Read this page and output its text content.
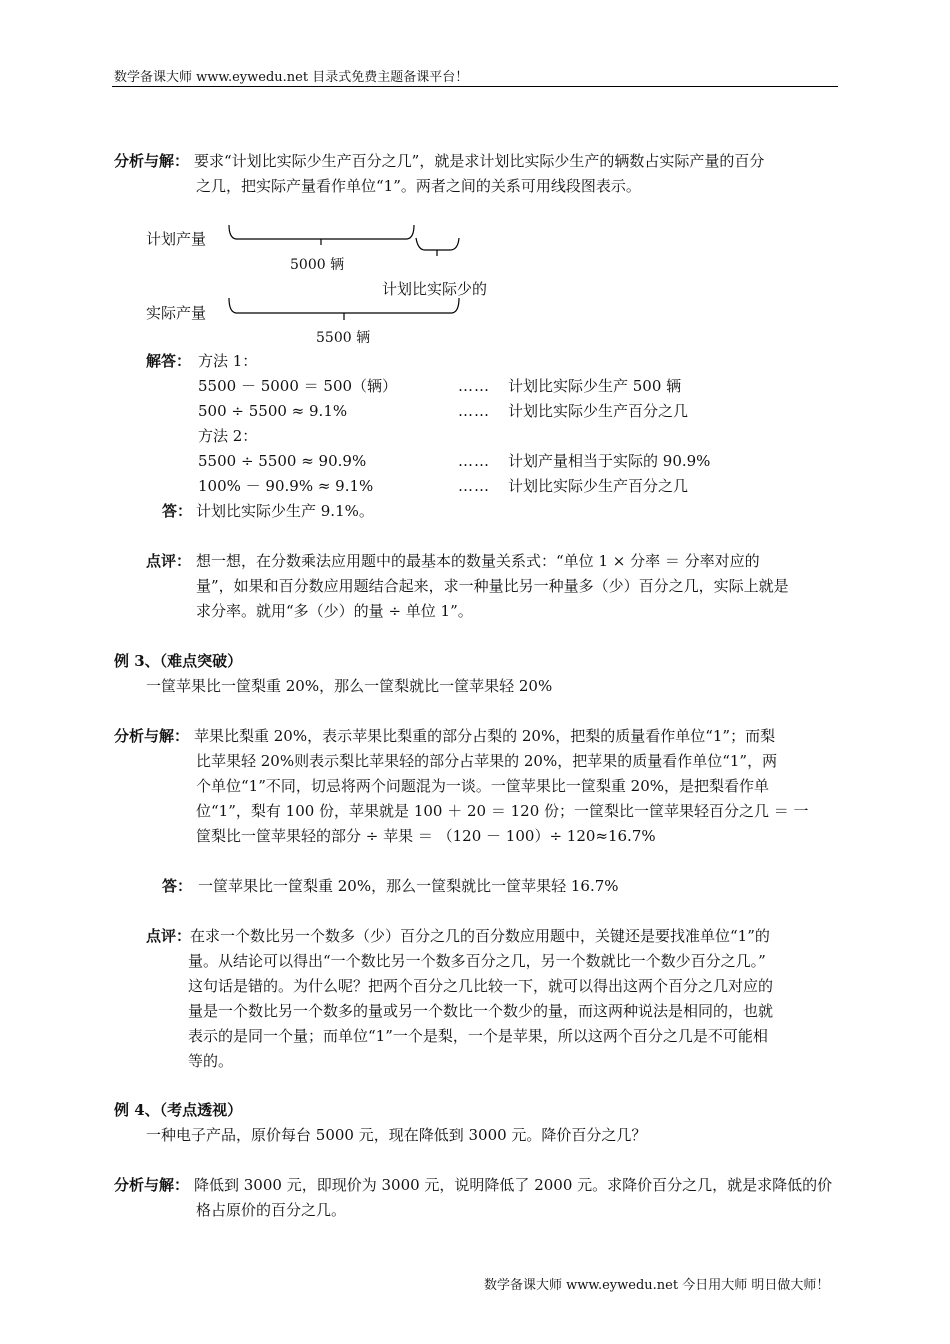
数学备课大师 www.eywedu.net 目录式免费主题备课平台！
分析与解： 要求“计划比实际少生产百分之几”，就是求计划比实际少生产的辆数占实际产量的百分
之几，把实际产量看作单位“1”。两者之间的关系可用线段图表示。
计划产量
5000 辆
计划比实际少的
实际产量
5500 辆
解答： 方法 1：
5500 － 5000 ＝ 500（辆）	…… 计划比实际少生产 500 辆
500 ÷ 5500 ≈ 9.1%	…… 计划比实际少生产百分之几
方法 2：
5500 ÷ 5500 ≈ 90.9%	…… 计划产量相当于实际的 90.9%
100% － 90.9% ≈ 9.1%	…… 计划比实际少生产百分之几
答： 计划比实际少生产 9.1%。
点评： 想一想，在分数乘法应用题中的最基本的数量关系式：“单位 1 × 分率 ＝ 分率对应的
量”，如果和百分数应用题结合起来，求一种量比另一种量多（少）百分之几，实际上就是
求分率。就用“多（少）的量 ÷ 单位 1”。
例 3、（难点突破）
一筐苹果比一筐梨重 20%，那么一筐梨就比一筐苹果轻 20%
分析与解： 苹果比梨重 20%，表示苹果比梨重的部分占梨的 20%，把梨的质量看作单位“1”；而梨
比苹果轻 20%则表示梨比苹果轻的部分占苹果的 20%，把苹果的质量看作单位“1”，两
个单位“1”不同，切忌将两个问题混为一谈。一筐苹果比一筐梨重 20%，是把梨看作单
位“1”，梨有 100 份，苹果就是 100 ＋ 20 ＝ 120 份；一筐梨比一筐苹果轻百分之几 ＝ 一
筐梨比一筐苹果轻的部分 ÷ 苹果 ＝ （120 － 100）÷ 120≈16.7%
答： 一筐苹果比一筐梨重 20%，那么一筐梨就比一筐苹果轻 16.7%
点评：
在求一个数比另一个数多（少）百分之几的百分数应用题中，关键还是要找准单位“1”的
量。从结论可以得出“一个数比另一个数多百分之几，另一个数就比一个数少百分之几。”
这句话是错的。为什么呢？把两个百分之几比较一下，就可以得出这两个百分之几对应的
量是一个数比另一个数多的量或另一个数比一个数少的量，而这两种说法是相同的，也就
表示的是同一个量；而单位“1”一个是梨，一个是苹果，所以这两个百分之几是不可能相
等的。
例 4、（考点透视）
一种电子产品，原价每台 5000 元，现在降低到 3000 元。降价百分之几？
分析与解： 降低到 3000 元，即现价为 3000 元，说明降低了 2000 元。求降价百分之几，就是求降低的价
格占原价的百分之几。
数学备课大师 www.eywedu.net 今日用大师 明日做大师！
